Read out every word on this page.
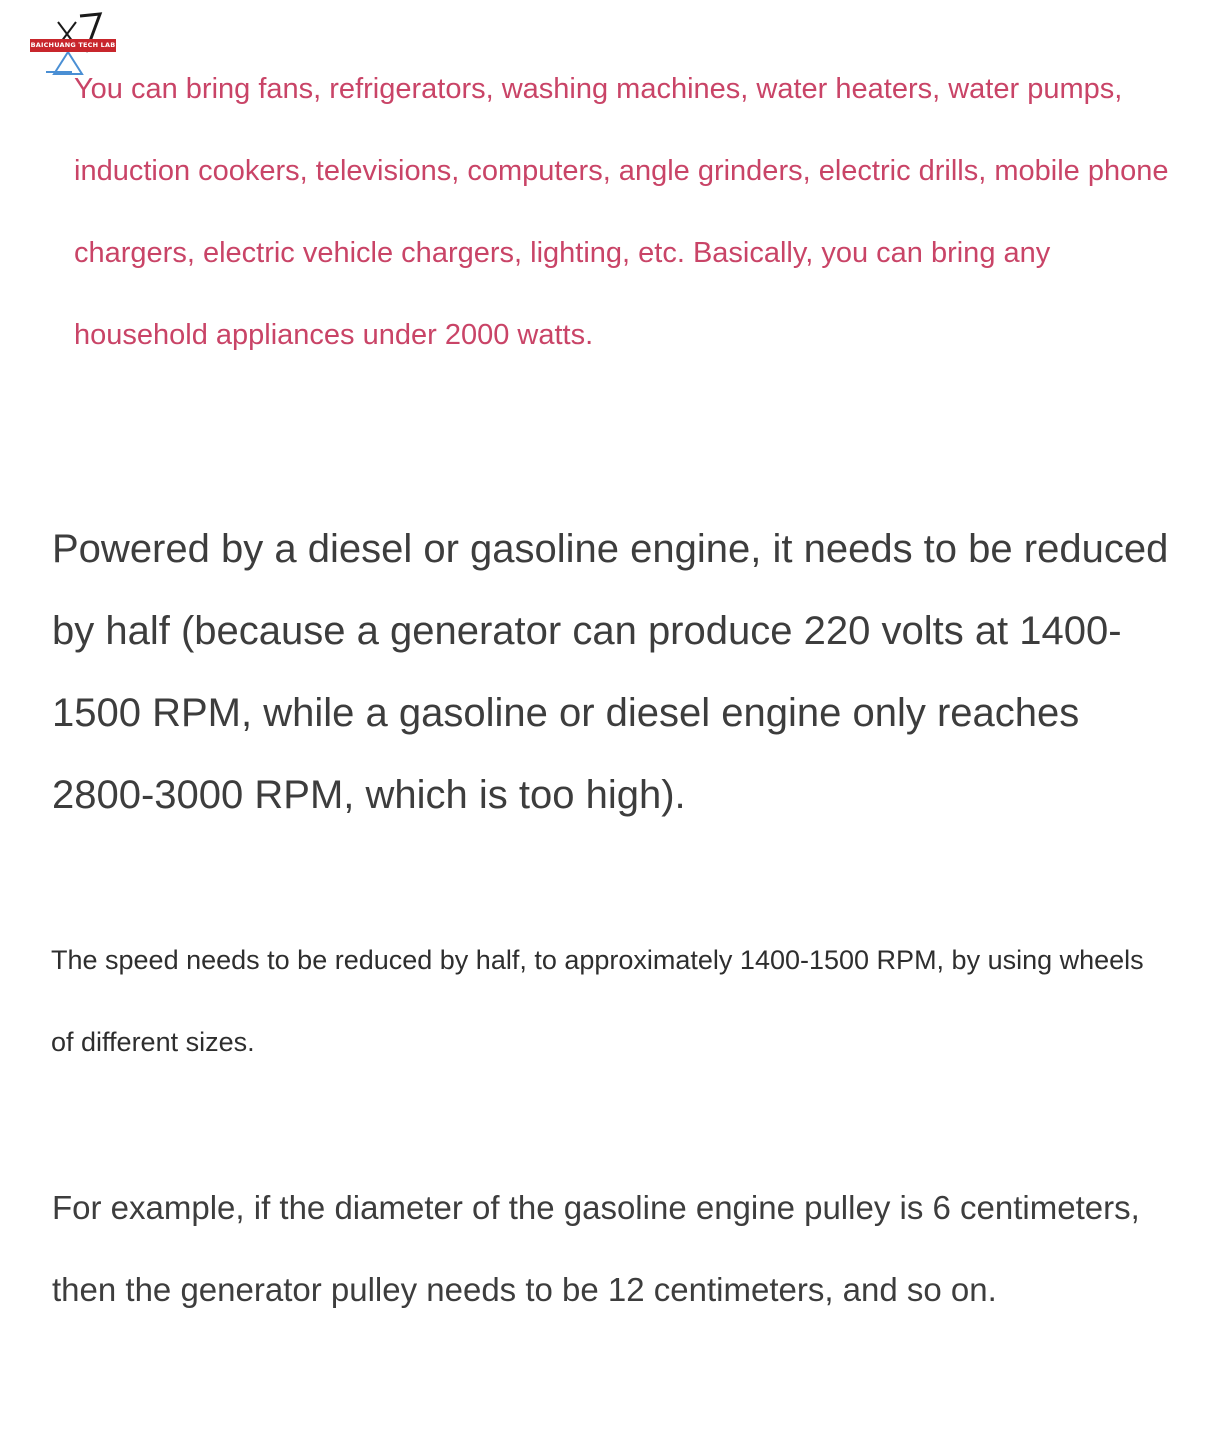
BAICHUANG TECH LAB

You can bring fans, refrigerators, washing machines, water heaters, water pumps, induction cookers, televisions, computers, angle grinders, electric drills, mobile phone chargers, electric vehicle chargers, lighting, etc. Basically, you can bring any household appliances under 2000 watts.

Powered by a diesel or gasoline engine, it needs to be reduced by half (because a generator can produce 220 volts at 1400-1500 RPM, while a gasoline or diesel engine only reaches 2800-3000 RPM, which is too high).

The speed needs to be reduced by half, to approximately 1400-1500 RPM, by using wheels of different sizes.

For example, if the diameter of the gasoline engine pulley is 6 centimeters, then the generator pulley needs to be 12 centimeters, and so on.
